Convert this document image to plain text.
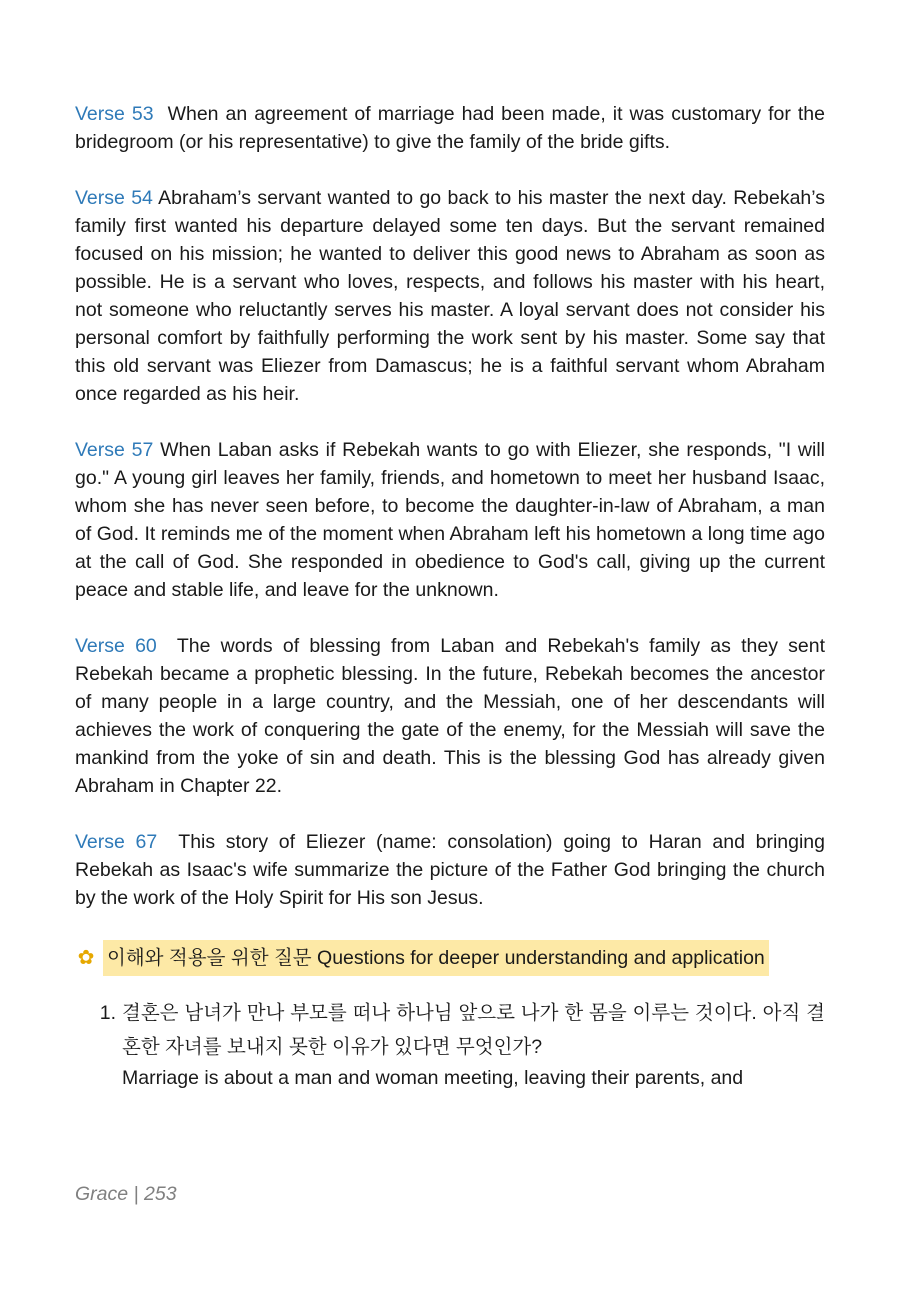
Verse 53 When an agreement of marriage had been made, it was customary for the bridegroom (or his representative) to give the family of the bride gifts.

Verse 54 Abraham’s servant wanted to go back to his master the next day. Rebekah’s family first wanted his departure delayed some ten days. But the servant remained focused on his mission; he wanted to deliver this good news to Abraham as soon as possible. He is a servant who loves, respects, and follows his master with his heart, not someone who reluctantly serves his master. A loyal servant does not consider his personal comfort by faithfully performing the work sent by his master. Some say that this old servant was Eliezer from Damascus; he is a faithful servant whom Abraham once regarded as his heir.

Verse 57 When Laban asks if Rebekah wants to go with Eliezer, she responds, "I will go." A young girl leaves her family, friends, and hometown to meet her husband Isaac, whom she has never seen before, to become the daughter-in-law of Abraham, a man of God. It reminds me of the moment when Abraham left his hometown a long time ago at the call of God. She responded in obedience to God's call, giving up the current peace and stable life, and leave for the unknown.

Verse 60 The words of blessing from Laban and Rebekah's family as they sent Rebekah became a prophetic blessing. In the future, Rebekah becomes the ancestor of many people in a large country, and the Messiah, one of her descendants will achieves the work of conquering the gate of the enemy, for the Messiah will save the mankind from the yoke of sin and death. This is the blessing God has already given Abraham in Chapter 22.

Verse 67 This story of Eliezer (name: consolation) going to Haran and bringing Rebekah as Isaac's wife summarize the picture of the Father God bringing the church by the work of the Holy Spirit for His son Jesus.

✿ 이해와 적용을 위한 질문 Questions for deeper understanding and application
1. 결혼은 남녀가 만나 부모를 떠나 하나님 앞으로 나가 한 몸을 이루는 것이다. 아직 결혼한 자녀를 보내지 못한 이유가 있다면 무엇인가?
Marriage is about a man and woman meeting, leaving their parents, and
Grace | 253
